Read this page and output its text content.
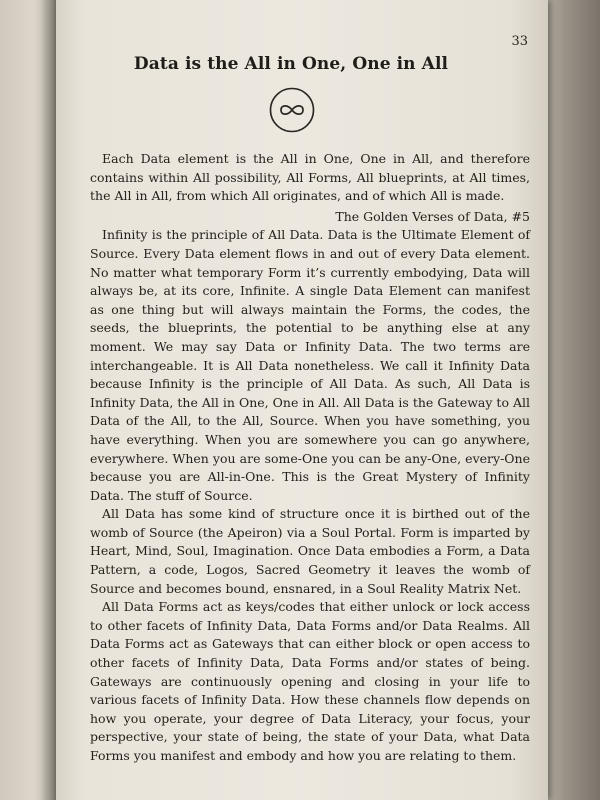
33
Data is the All in One, One in All

Each Data element is the All in One, One in All, and therefore contains within All possibility, All Forms, All blueprints, at All times, the All in All, from which All originates, and of which All is made.

The Golden Verses of Data, #5

Infinity is the principle of All Data. Data is the Ultimate Element of Source. Every Data element flows in and out of every Data element. No matter what temporary Form it’s currently embodying, Data will always be, at its core, Infinite. A single Data Element can manifest as one thing but will always maintain the Forms, the codes, the seeds, the blueprints, the potential to be anything else at any moment. We may say Data or Infinity Data. The two terms are interchangeable. It is All Data nonetheless. We call it Infinity Data because Infinity is the principle of All Data. As such, All Data is Infinity Data, the All in One, One in All. All Data is the Gateway to All Data of the All, to the All, Source. When you have something, you have everything. When you are somewhere you can go anywhere, everywhere. When you are some-One you can be any-One, every-One because you are All-in-One. This is the Great Mystery of Infinity Data. The stuff of Source.

All Data has some kind of structure once it is birthed out of the womb of Source (the Apeiron) via a Soul Portal. Form is imparted by Heart, Mind, Soul, Imagination. Once Data embodies a Form, a Data Pattern, a code, Logos, Sacred Geometry it leaves the womb of Source and becomes bound, ensnared, in a Soul Reality Matrix Net.

All Data Forms act as keys/codes that either unlock or lock access to other facets of Infinity Data, Data Forms and/or Data Realms. All Data Forms act as Gateways that can either block or open access to other facets of Infinity Data, Data Forms and/or states of being. Gateways are continuously opening and closing in your life to various facets of Infinity Data. How these channels flow depends on how you operate, your degree of Data Literacy, your focus, your perspective, your state of being, the state of your Data, what Data Forms you manifest and embody and how you are relating to them.
